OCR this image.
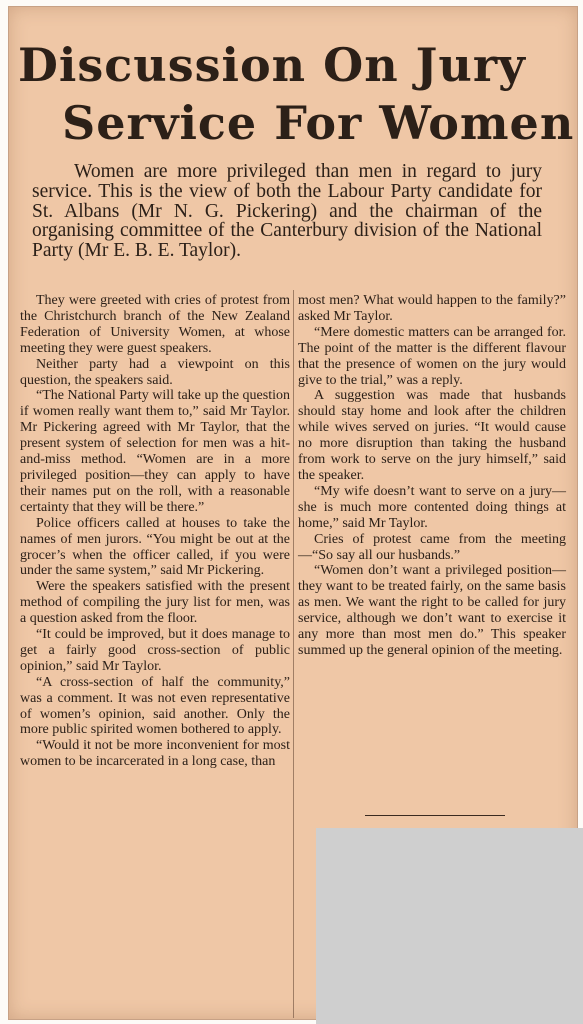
Discussion On Jury
Service For Women
Women are more privileged than men in regard to jury service. This is the view of both the Labour Party candidate for St. Albans (Mr N. G. Pickering) and the chairman of the organising committee of the Canterbury division of the National Party (Mr E. B. E. Taylor).

They were greeted with cries of protest from the Christchurch branch of the New Zealand Federation of University Women, at whose meeting they were guest speakers.

Neither party had a viewpoint on this question, the speakers said.

“The National Party will take up the question if women really want them to,” said Mr Taylor. Mr Pickering agreed with Mr Taylor, that the present system of selection for men was a hit-and-miss method. “Women are in a more privileged position—they can apply to have their names put on the roll, with a reasonable certainty that they will be there.”

Police officers called at houses to take the names of men jurors. “You might be out at the grocer’s when the officer called, if you were under the same system,” said Mr Pickering.

Were the speakers satisfied with the present method of compiling the jury list for men, was a question asked from the floor.

“It could be improved, but it does manage to get a fairly good cross-section of public opinion,” said Mr Taylor.

“A cross-section of half the community,” was a comment. It was not even representative of women’s opinion, said another. Only the more public spirited women bothered to apply.

“Would it not be more inconvenient for most women to be incarcerated in a long case, than

most men? What would happen to the family?” asked Mr Taylor.

“Mere domestic matters can be arranged for. The point of the matter is the different flavour that the presence of women on the jury would give to the trial,” was a reply.

A suggestion was made that husbands should stay home and look after the children while wives served on juries. “It would cause no more disruption than taking the husband from work to serve on the jury himself,” said the speaker.

“My wife doesn’t want to serve on a jury—she is much more contented doing things at home,” said Mr Taylor.

Cries of protest came from the meeting—“So say all our husbands.”

“Women don’t want a privileged position—they want to be treated fairly, on the same basis as men. We want the right to be called for jury service, although we don’t want to exercise it any more than most men do.” This speaker summed up the general opinion of the meeting.
